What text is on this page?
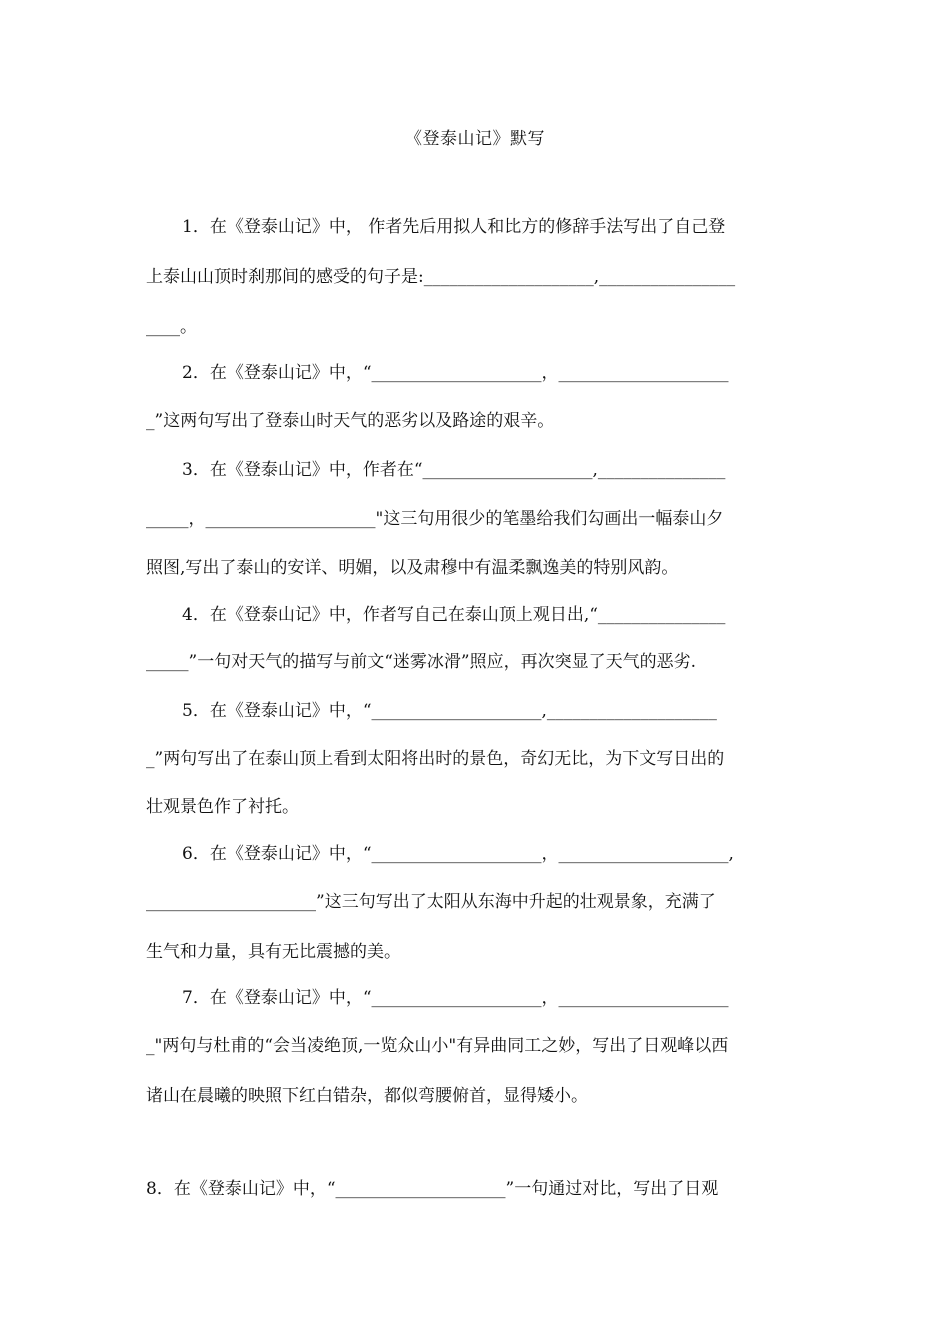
《登泰山记》默写
1．在《登泰山记》中， 作者先后用拟人和比方的修辞手法写出了自己登
上泰山山顶时刹那间的感受的句子是:____________________,________________
____。
2．在《登泰山记》中，“____________________，____________________
_”这两句写出了登泰山时天气的恶劣以及路途的艰辛。
3．在《登泰山记》中，作者在“____________________,_______________
_____，____________________"这三句用很少的笔墨给我们勾画出一幅泰山夕
照图,写出了泰山的安详、明媚，以及肃穆中有温柔飘逸美的特别风韵。
4．在《登泰山记》中，作者写自己在泰山顶上观日出,“_______________
_____”一句对天气的描写与前文“迷雾冰滑”照应，再次突显了天气的恶劣.
5．在《登泰山记》中，“____________________,____________________
_”两句写出了在泰山顶上看到太阳将出时的景色，奇幻无比，为下文写日出的
壮观景色作了衬托。
6．在《登泰山记》中，“____________________，____________________,
____________________”这三句写出了太阳从东海中升起的壮观景象，充满了
生气和力量，具有无比震撼的美。
7．在《登泰山记》中，“____________________，____________________
_"两句与杜甫的“会当凌绝顶,一览众山小"有异曲同工之妙，写出了日观峰以西
诸山在晨曦的映照下红白错杂，都似弯腰俯首，显得矮小。
8．在《登泰山记》中，“____________________”一句通过对比，写出了日观
